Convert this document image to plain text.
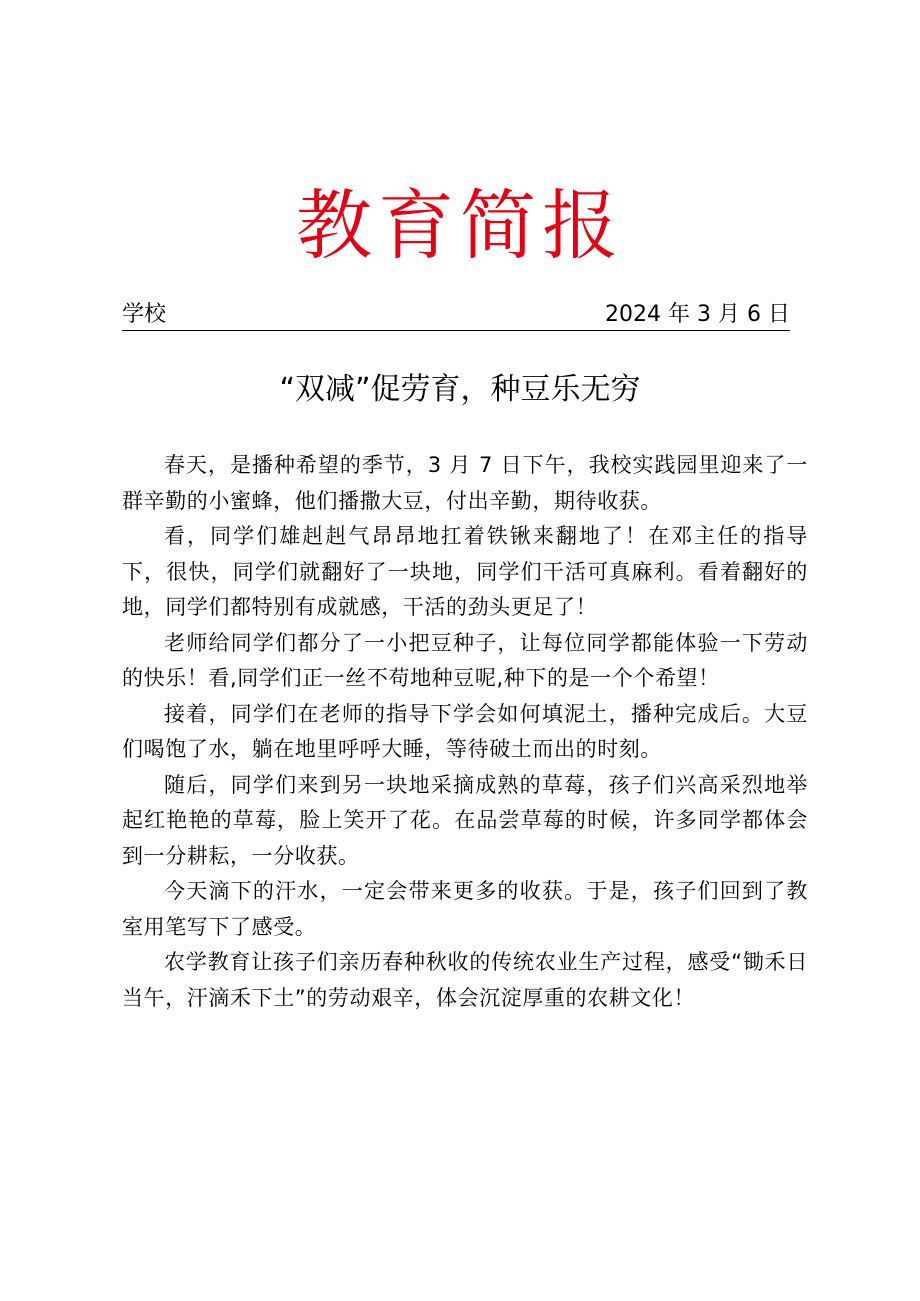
教育简报
学校	2024 年 3 月 6 日
“双减”促劳育，种豆乐无穷

春天，是播种希望的季节，3 月 7 日下午，我校实践园里迎来了一群辛勤的小蜜蜂，他们播撒大豆，付出辛勤，期待收获。

看，同学们雄赳赳气昂昂地扛着铁锹来翻地了！在邓主任的指导下，很快，同学们就翻好了一块地，同学们干活可真麻利。看着翻好的地，同学们都特别有成就感，干活的劲头更足了！

老师给同学们都分了一小把豆种子，让每位同学都能体验一下劳动的快乐！看,同学们正一丝不苟地种豆呢,种下的是一个个希望！

接着，同学们在老师的指导下学会如何填泥土，播种完成后。大豆们喝饱了水，躺在地里呼呼大睡，等待破土而出的时刻。

随后，同学们来到另一块地采摘成熟的草莓，孩子们兴高采烈地举起红艳艳的草莓，脸上笑开了花。在品尝草莓的时候，许多同学都体会到一分耕耘，一分收获。

今天滴下的汗水，一定会带来更多的收获。于是，孩子们回到了教室用笔写下了感受。

农学教育让孩子们亲历春种秋收的传统农业生产过程，感受“锄禾日当午，汗滴禾下土”的劳动艰辛，体会沉淀厚重的农耕文化！
